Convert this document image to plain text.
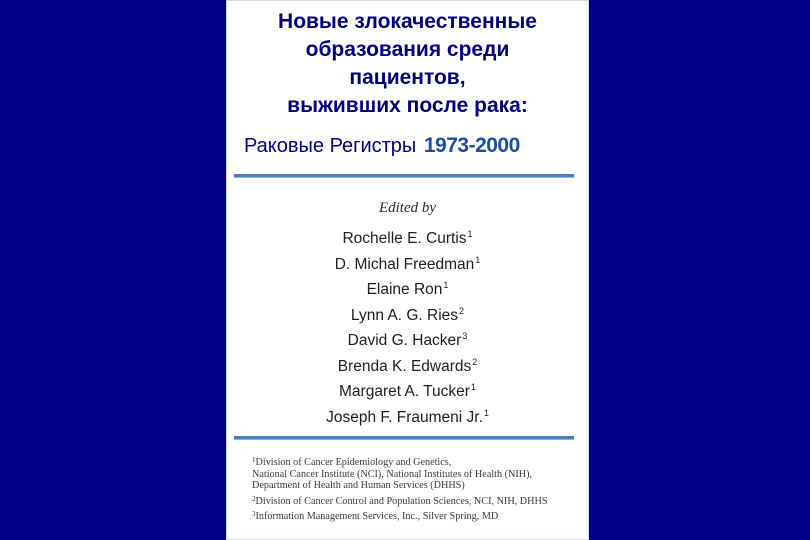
Новые злокачественные
образования среди
пациентов,
выживших после рака:
Раковые Регистры 1973-2000
Edited by
Rochelle E. Curtis$^1$
D. Michal Freedman$^1$
Elaine Ron$^1$
Lynn A. G. Ries$^2$
David G. Hacker$^3$
Brenda K. Edwards$^2$
Margaret A. Tucker$^1$
Joseph F. Fraumeni Jr.$^1$
$^1$Division of Cancer Epidemiology and Genetics,
National Cancer Institute (NCI), National Institutes of Health (NIH),
Department of Health and Human Services (DHHS)
$^2$Division of Cancer Control and Population Sciences, NCI, NIH, DHHS
$^3$Information Management Services, Inc., Silver Spring, MD
